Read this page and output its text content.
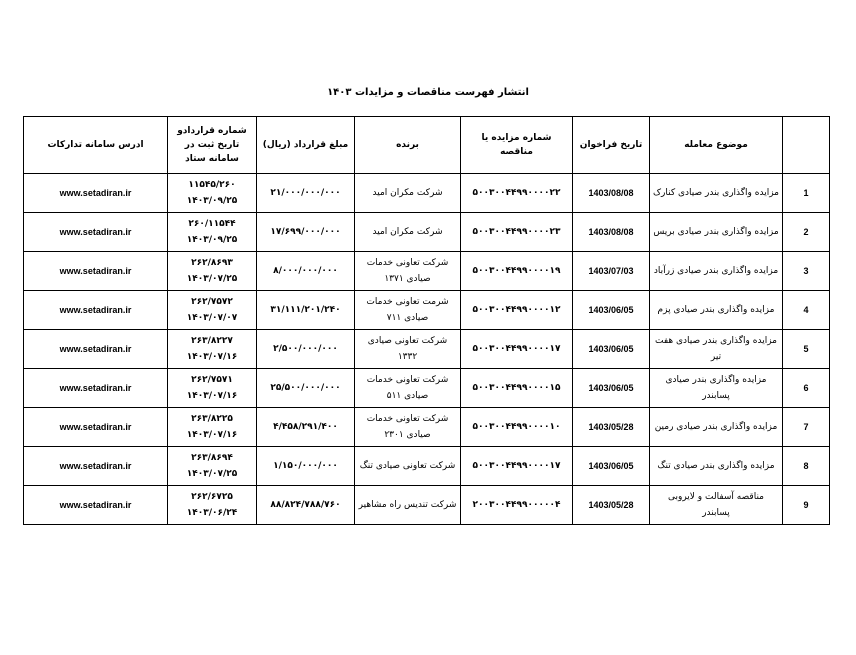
انتشار فهرست مناقصات و مزایدات ۱۴۰۳
	موضوع معامله	تاریخ فراخوان	شماره مزایده یا مناقصه	برنده	مبلغ قرارداد (ریال)	شماره قراردادو
تاریخ ثبت در
سامانه ستاد	ادرس سامانه تدارکات
1	مزایده واگذاری بندر صیادی کنارک	1403/08/08	۵۰۰۳۰۰۴۴۹۹۰۰۰۰۲۲	شرکت مکران امید	۲۱/۰۰۰/۰۰۰/۰۰۰	۱۱۵۴۵/۲۶۰
۱۴۰۳/۰۹/۲۵	www.setadiran.ir
2	مزایده واگذاری بندر صیادی بریس	1403/08/08	۵۰۰۳۰۰۴۴۹۹۰۰۰۰۲۳	شرکت مکران امید	۱۷/۶۹۹/۰۰۰/۰۰۰	۲۶۰/۱۱۵۴۴
۱۴۰۳/۰۹/۲۵	www.setadiran.ir
3	مزایده واگذاری بندر صیادی زرآباد	1403/07/03	۵۰۰۳۰۰۴۴۹۹۰۰۰۰۱۹	شرکت تعاونی خدمات صیادی ۱۳۷۱	۸/۰۰۰/۰۰۰/۰۰۰	۲۶۲/۸۶۹۳
۱۴۰۳/۰۷/۲۵	www.setadiran.ir
4	مزایده واگذاری بندر صیادی پزم	1403/06/05	۵۰۰۳۰۰۴۴۹۹۰۰۰۰۱۲	شرمت تعاونی خدمات صیادی ۷۱۱	۳۱/۱۱۱/۲۰۱/۲۴۰	۲۶۲/۷۵۷۲
۱۴۰۳/۰۷/۰۷	www.setadiran.ir
5	مزایده واگذاری بندر صیادی هفت تیر	1403/06/05	۵۰۰۳۰۰۴۴۹۹۰۰۰۰۱۷	شرکت تعاونی صیادی ۱۳۳۲	۲/۵۰۰/۰۰۰/۰۰۰	۲۶۳/۸۲۲۷
۱۴۰۳/۰۷/۱۶	www.setadiran.ir
6	مزایده واگذاری بندر صیادی پسابندر	1403/06/05	۵۰۰۳۰۰۴۴۹۹۰۰۰۰۱۵	شرکت تعاونی خدمات صیادی ۵۱۱	۲۵/۵۰۰/۰۰۰/۰۰۰	۲۶۲/۷۵۷۱
۱۴۰۳/۰۷/۱۶	www.setadiran.ir
7	مزایده واگذاری بندر صیادی رمین	1403/05/28	۵۰۰۳۰۰۴۴۹۹۰۰۰۰۱۰	شرکت تعاونی خدمات صیادی ۲۳۰۱	۴/۴۵۸/۲۹۱/۴۰۰	۲۶۳/۸۲۲۵
۱۴۰۳/۰۷/۱۶	www.setadiran.ir
8	مزایده واگذاری بندر صیادی تنگ	1403/06/05	۵۰۰۳۰۰۴۴۹۹۰۰۰۰۱۷	شرکت تعاونی صیادی تنگ	۱/۱۵۰/۰۰۰/۰۰۰	۲۶۳/۸۶۹۴
۱۴۰۳/۰۷/۲۵	www.setadiran.ir
9	مناقصه آسفالت و لایروبی پسابندر	1403/05/28	۲۰۰۳۰۰۴۴۹۹۰۰۰۰۰۴	شرکت تندیس راه مشاهیر	۸۸/۸۲۴/۷۸۸/۷۶۰	۲۶۲/۶۷۲۵
۱۴۰۳/۰۶/۲۴	www.setadiran.ir
